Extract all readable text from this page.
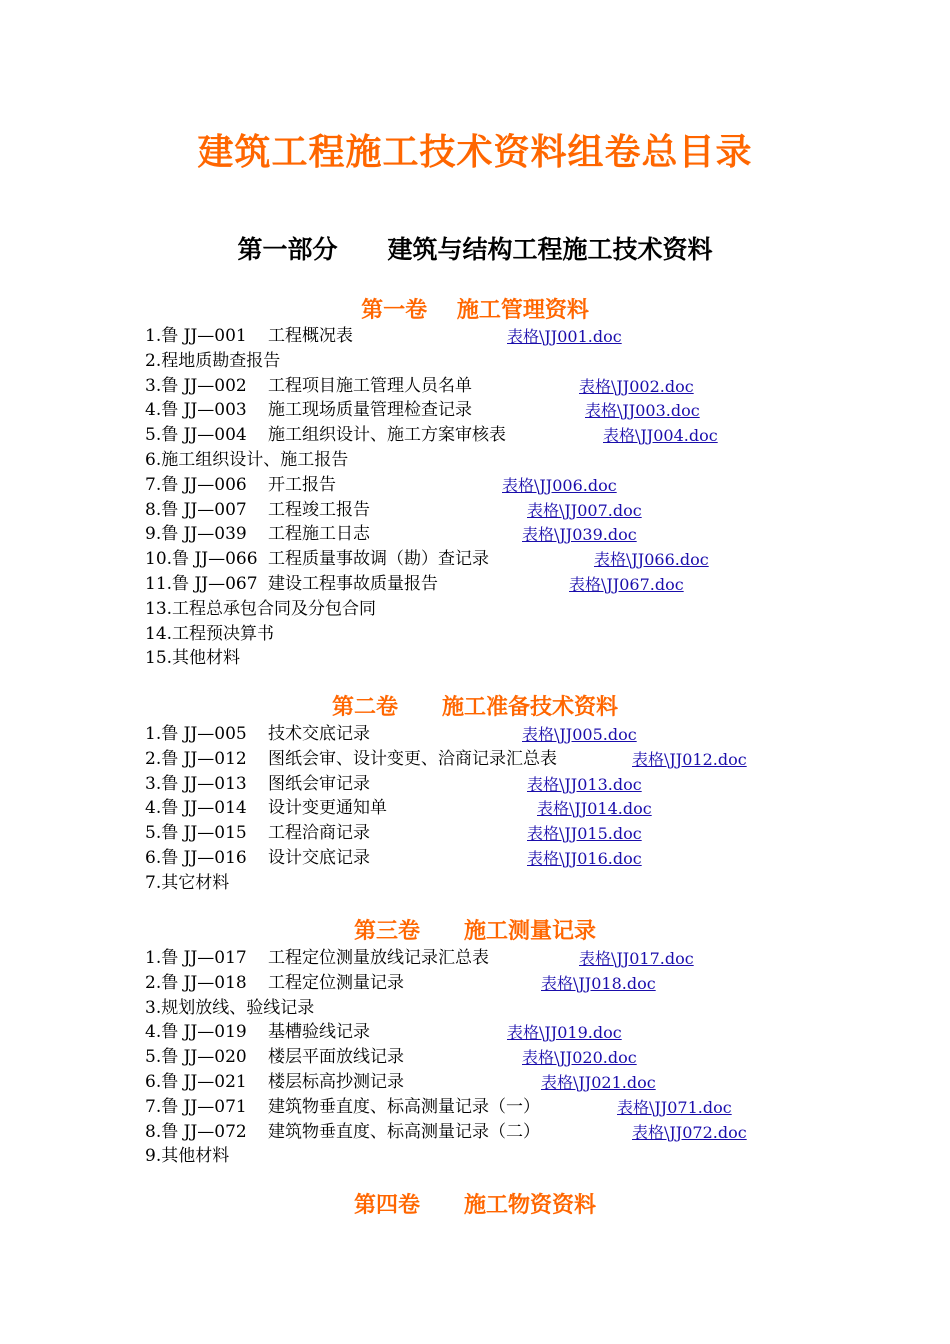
建筑工程施工技术资料组卷总目录
第一部分　　建筑与结构工程施工技术资料
第一卷　 施工管理资料
1.鲁 JJ—001 工程概况表	表格\JJ001.doc
2.程地质勘查报告
3.鲁 JJ—002 工程项目施工管理人员名单	表格\JJ002.doc
4.鲁 JJ—003 施工现场质量管理检查记录	表格\JJ003.doc
5.鲁 JJ—004 施工组织设计、施工方案审核表	表格\JJ004.doc
6.施工组织设计、施工报告
7.鲁 JJ—006 开工报告	表格\JJ006.doc
8.鲁 JJ—007 工程竣工报告	表格\JJ007.doc
9.鲁 JJ—039 工程施工日志	表格\JJ039.doc
10.鲁 JJ—066 工程质量事故调（勘）查记录	表格\JJ066.doc
11.鲁 JJ—067 建设工程事故质量报告	表格\JJ067.doc
13.工程总承包合同及分包合同
14.工程预决算书
15.其他材料
第二卷　　施工准备技术资料
1.鲁 JJ—005 技术交底记录	表格\JJ005.doc
2.鲁 JJ—012 图纸会审、设计变更、洽商记录汇总表	表格\JJ012.doc
3.鲁 JJ—013 图纸会审记录	表格\JJ013.doc
4.鲁 JJ—014 设计变更通知单	表格\JJ014.doc
5.鲁 JJ—015 工程洽商记录	表格\JJ015.doc
6.鲁 JJ—016 设计交底记录	表格\JJ016.doc
7.其它材料
第三卷　　施工测量记录
1.鲁 JJ—017 工程定位测量放线记录汇总表	表格\JJ017.doc
2.鲁 JJ—018 工程定位测量记录	表格\JJ018.doc
3.规划放线、验线记录
4.鲁 JJ—019 基槽验线记录	表格\JJ019.doc
5.鲁 JJ—020 楼层平面放线记录	表格\JJ020.doc
6.鲁 JJ—021 楼层标高抄测记录	表格\JJ021.doc
7.鲁 JJ—071 建筑物垂直度、标高测量记录（一）	表格\JJ071.doc
8.鲁 JJ—072 建筑物垂直度、标高测量记录（二）	表格\JJ072.doc
9.其他材料
第四卷　　施工物资资料
